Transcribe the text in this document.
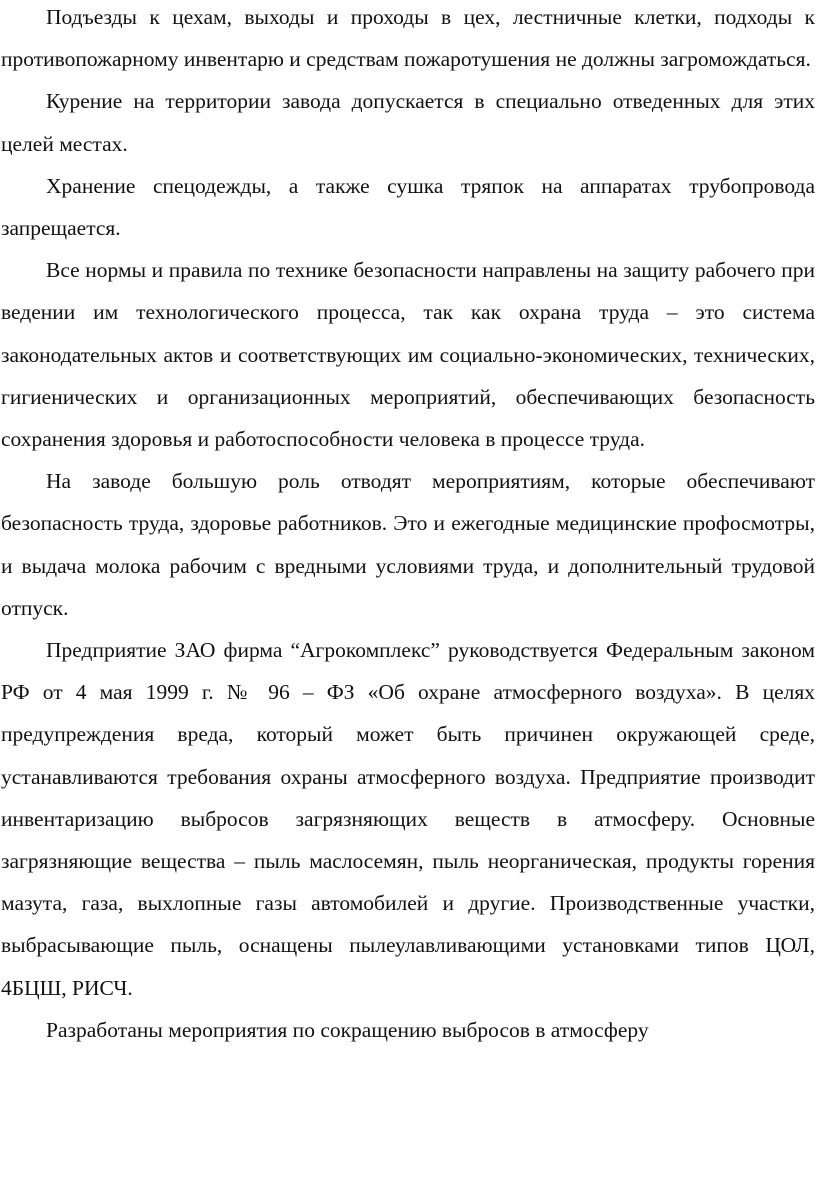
Подъезды к цехам, выходы и проходы в цех, лестничные клетки, подходы к противопожарному инвентарю и средствам пожаротушения не должны загромождаться.

Курение на территории завода допускается в специально отведенных для этих целей местах.

Хранение спецодежды, а также сушка тряпок на аппаратах трубопровода запрещается.

Все нормы и правила по технике безопасности направлены на защиту рабочего при ведении им технологического процесса, так как охрана труда – это система законодательных актов и соответствующих им социально-экономических, технических, гигиенических и организационных мероприятий, обеспечивающих безопасность сохранения здоровья и работоспособности человека в процессе труда.

На заводе большую роль отводят мероприятиям, которые обеспечивают безопасность труда, здоровье работников. Это и ежегодные медицинские профосмотры, и выдача молока рабочим с вредными условиями труда, и дополнительный трудовой отпуск.

Предприятие ЗАО фирма “Агрокомплекс” руководствуется Федеральным законом РФ от 4 мая 1999 г. № 96 – ФЗ «Об охране атмосферного воздуха». В целях предупреждения вреда, который может быть причинен окружающей среде, устанавливаются требования охраны атмосферного воздуха. Предприятие производит инвентаризацию выбросов загрязняющих веществ в атмосферу. Основные загрязняющие вещества – пыль маслосемян, пыль неорганическая, продукты горения мазута, газа, выхлопные газы автомобилей и другие. Производственные участки, выбрасывающие пыль, оснащены пылеулавливающими установками типов ЦОЛ, 4БЦШ, РИСЧ.

Разработаны мероприятия по сокращению выбросов в атмосферу
